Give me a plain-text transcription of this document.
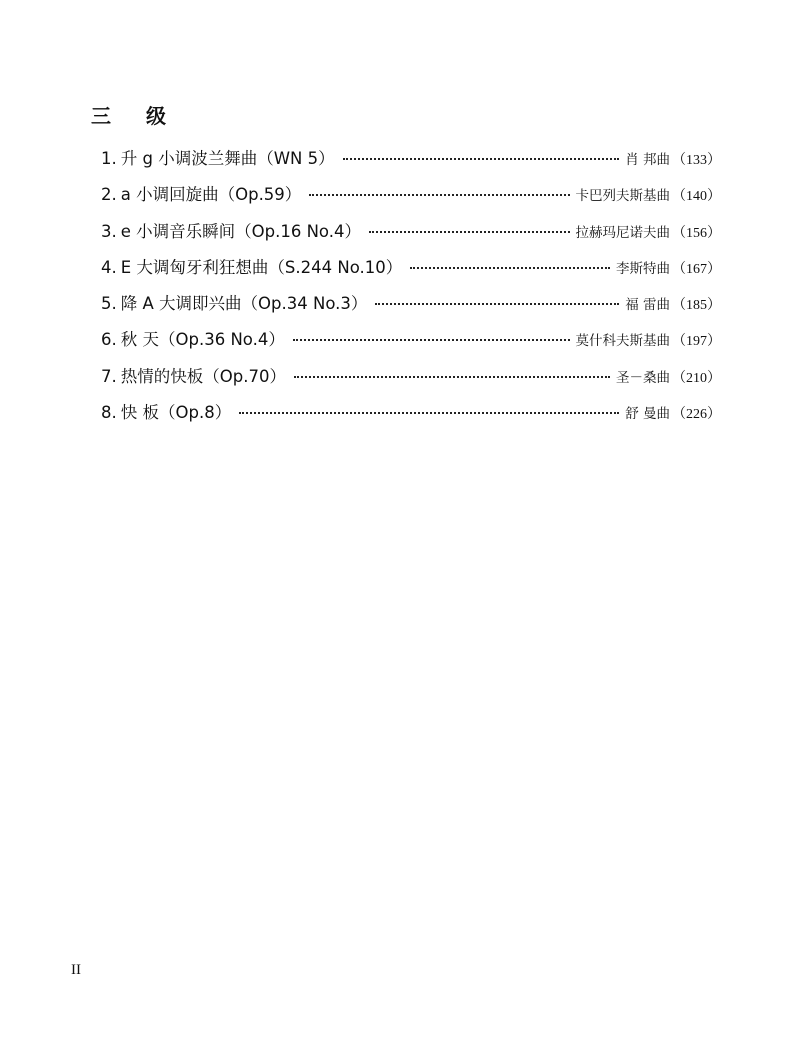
三 级
1. 升 g 小调波兰舞曲（WN 5）	肖 邦曲 （133）
2. a 小调回旋曲（Op.59）	卡巴列夫斯基曲 （140）
3. e 小调音乐瞬间（Op.16 No.4）	拉赫玛尼诺夫曲 （156）
4. E 大调匈牙利狂想曲（S.244 No.10）	李斯特曲 （167）
5. 降 A 大调即兴曲（Op.34 No.3）	福 雷曲 （185）
6. 秋 天（Op.36 No.4）	莫什科夫斯基曲 （197）
7. 热情的快板（Op.70）	圣－桑曲 （210）
8. 快 板（Op.8）	舒 曼曲 （226）
II
